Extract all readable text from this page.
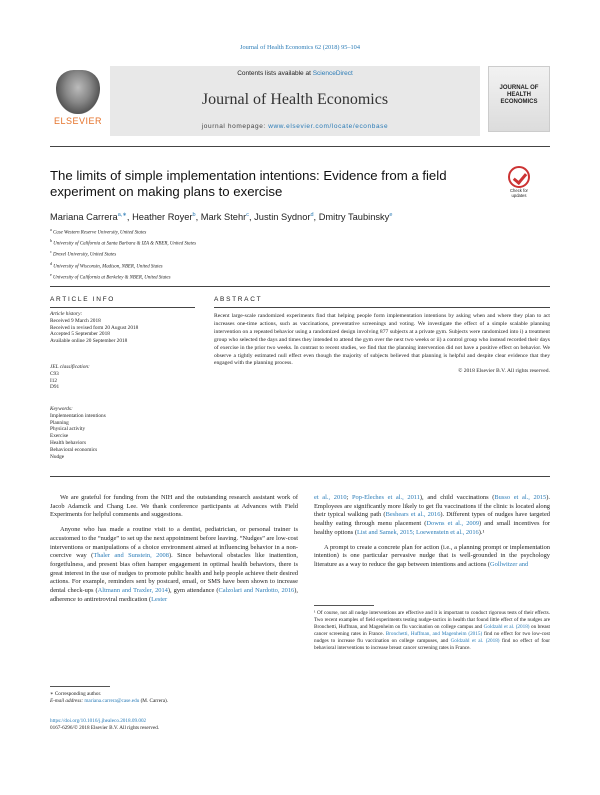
Journal of Health Economics 62 (2018) 95–104
ELSEVIER
Contents lists available at ScienceDirect
Journal of Health Economics
journal homepage: www.elsevier.com/locate/econbase
JOURNAL OF HEALTH ECONOMICS
The limits of simple implementation intentions: Evidence from a field experiment on making plans to exercise	Check for updates
Mariana Carrera$^{a,∗}$, Heather Royer$^b$, Mark Stehr$^c$, Justin Sydnor$^d$, Dmitry Taubinsky$^e$
$^a$ Case Western Reserve University, United States
$^b$ University of California at Santa Barbara & IZA & NBER, United States
$^c$ Drexel University, United States
$^d$ University of Wisconsin, Madison, NBER, United States
$^e$ University of California at Berkeley & NBER, United States
ARTICLE INFO	ABSTRACT
Article history:
Received 9 March 2018
Received in revised form 20 August 2018
Accepted 5 September 2018
Available online 20 September 2018
JEL classification:
C93
I12
D91
Keywords:
Implementation intentions
Planning
Physical activity
Exercise
Health behaviors
Behavioral economics
Nudge
Recent large-scale randomized experiments find that helping people form implementation intentions by asking when and where they plan to act increases one-time actions, such as vaccinations, preventative screenings and voting. We investigate the effect of a simple scalable planning intervention on a repeated behavior using a randomized design involving 877 subjects at a private gym. Subjects were randomized into i) a treatment group who selected the days and times they intended to attend the gym over the next two weeks or ii) a control group who instead recorded their days of exercise in the prior two weeks. In contrast to recent studies, we find that the planning intervention did not have a positive effect on behavior. We observe a tightly estimated null effect even though the majority of subjects believed that planning is helpful and despite clear evidence that they engaged with the planning process.
© 2018 Elsevier B.V. All rights reserved.

We are grateful for funding from the NIH and the outstanding research assistant work of Jacob Adamcik and Chang Lee. We thank conference participants at Advances with Field Experiments for helpful comments and suggestions.

Anyone who has made a routine visit to a dentist, pediatrician, or personal trainer is accustomed to the “nudge” to set up the next appointment before leaving. “Nudges” are low-cost interventions or manipulations of a choice environment aimed at influencing behavior in a non-coercive way (Thaler and Sunstein, 2008). Since behavioral obstacles like inattention, forgetfulness, and present bias often hamper engagement in optimal health behaviors, there is great interest in the use of nudges to promote public health and help people achieve their desired actions. For example, reminders sent by postcard, email, or SMS have been shown to increase dental check-ups (Altmann and Traxler, 2014), gym attendance (Calzolari and Nardotto, 2016), adherence to antiretroviral medication (Lester

et al., 2010; Pop-Eleches et al., 2011), and child vaccinations (Busso et al., 2015). Employees are significantly more likely to get flu vaccinations if the clinic is located along their typical walking path (Beshears et al., 2016). Different types of nudges have targeted healthy eating through menu placement (Downs et al., 2009) and small incentives for healthy options (List and Samek, 2015; Loewenstein et al., 2016).¹

A prompt to create a concrete plan for action (i.e., a planning prompt or implementation intention) is one particular pervasive nudge that is well-grounded in the psychology literature as a way to reduce the gap between intentions and actions (Gollwitzer and

¹ Of course, not all nudge interventions are effective and it is important to conduct rigorous tests of their effects. Two recent examples of field experiments testing nudge-tactics in health that found little effect of the nudges are Bronchetti, Huffman, and Magenheim on flu vaccination on college campus and Goldzahl et al. (2018) on breast cancer screening rates in France. Bronchetti, Huffman, and Magenheim (2015) find no effect for two low-cost nudges to increase flu vaccination on college campuses, and Goldzahl et al. (2018) find no effect of four behavioral interventions to increase breast cancer screening rates in France.
∗ Corresponding author.
E-mail address: mariana.carrera@case.edu (M. Carrera).
https://doi.org/10.1016/j.jhealeco.2018.09.002
0167-6296/© 2018 Elsevier B.V. All rights reserved.
